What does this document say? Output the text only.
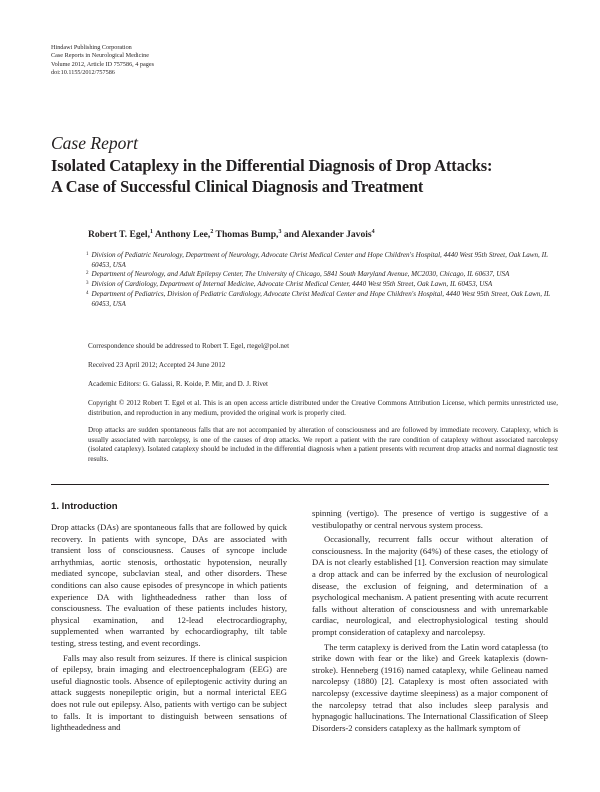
Hindawi Publishing Corporation
Case Reports in Neurological Medicine
Volume 2012, Article ID 757586, 4 pages
doi:10.1155/2012/757586
Case Report
Isolated Cataplexy in the Differential Diagnosis of Drop Attacks:
A Case of Successful Clinical Diagnosis and Treatment
Robert T. Egel,$^1$ Anthony Lee,$^2$ Thomas Bump,$^3$ and Alexander Javois$^4$
1 Division of Pediatric Neurology, Department of Neurology, Advocate Christ Medical Center and Hope Children's Hospital, 4440 West 95th Street, Oak Lawn, IL 60453, USA
2 Department of Neurology, and Adult Epilepsy Center, The University of Chicago, 5841 South Maryland Avenue, MC2030, Chicago, IL 60637, USA
3 Division of Cardiology, Department of Internal Medicine, Advocate Christ Medical Center, 4440 West 95th Street, Oak Lawn, IL 60453, USA
4 Department of Pediatrics, Division of Pediatric Cardiology, Advocate Christ Medical Center and Hope Children's Hospital, 4440 West 95th Street, Oak Lawn, IL 60453, USA
Correspondence should be addressed to Robert T. Egel, rtegel@pol.net
Received 23 April 2012; Accepted 24 June 2012
Academic Editors: G. Galassi, R. Koide, P. Mir, and D. J. Rivet
Copyright © 2012 Robert T. Egel et al. This is an open access article distributed under the Creative Commons Attribution License, which permits unrestricted use, distribution, and reproduction in any medium, provided the original work is properly cited.
Drop attacks are sudden spontaneous falls that are not accompanied by alteration of consciousness and are followed by immediate recovery. Cataplexy, which is usually associated with narcolepsy, is one of the causes of drop attacks. We report a patient with the rare condition of cataplexy without associated narcolepsy (isolated cataplexy). Isolated cataplexy should be included in the differential diagnosis when a patient presents with recurrent drop attacks and normal diagnostic test results.
1. Introduction

Drop attacks (DAs) are spontaneous falls that are followed by quick recovery. In patients with syncope, DAs are associated with transient loss of consciousness. Causes of syncope include arrhythmias, aortic stenosis, orthostatic hypotension, neurally mediated syncope, subclavian steal, and other disorders. These conditions can also cause episodes of presyncope in which patients experience DA with lightheadedness rather than loss of consciousness. The evaluation of these patients includes history, physical examination, and 12-lead electrocardiography, supplemented when warranted by echocardiography, tilt table testing, stress testing, and event recordings.

Falls may also result from seizures. If there is clinical suspicion of epilepsy, brain imaging and electroencephalogram (EEG) are useful diagnostic tools. Absence of epileptogenic activity during an attack suggests nonepileptic origin, but a normal interictal EEG does not rule out epilepsy. Also, patients with vertigo can be subject to falls. It is important to distinguish between sensations of lightheadedness and

spinning (vertigo). The presence of vertigo is suggestive of a vestibulopathy or central nervous system process.

Occasionally, recurrent falls occur without alteration of consciousness. In the majority (64%) of these cases, the etiology of DA is not clearly established [1]. Conversion reaction may simulate a drop attack and can be inferred by the exclusion of neurological disease, the exclusion of feigning, and determination of a psychological mechanism. A patient presenting with acute recurrent falls without alteration of consciousness and with unremarkable cardiac, neurological, and electrophysiological testing should prompt consideration of cataplexy and narcolepsy.

The term cataplexy is derived from the Latin word cataplessa (to strike down with fear or the like) and Greek kataplexis (down-stroke). Henneberg (1916) named cataplexy, while Gelineau named narcolepsy (1880) [2]. Cataplexy is most often associated with narcolepsy (excessive daytime sleepiness) as a major component of the narcolepsy tetrad that also includes sleep paralysis and hypnagogic hallucinations. The International Classification of Sleep Disorders-2 considers cataplexy as the hallmark symptom of
